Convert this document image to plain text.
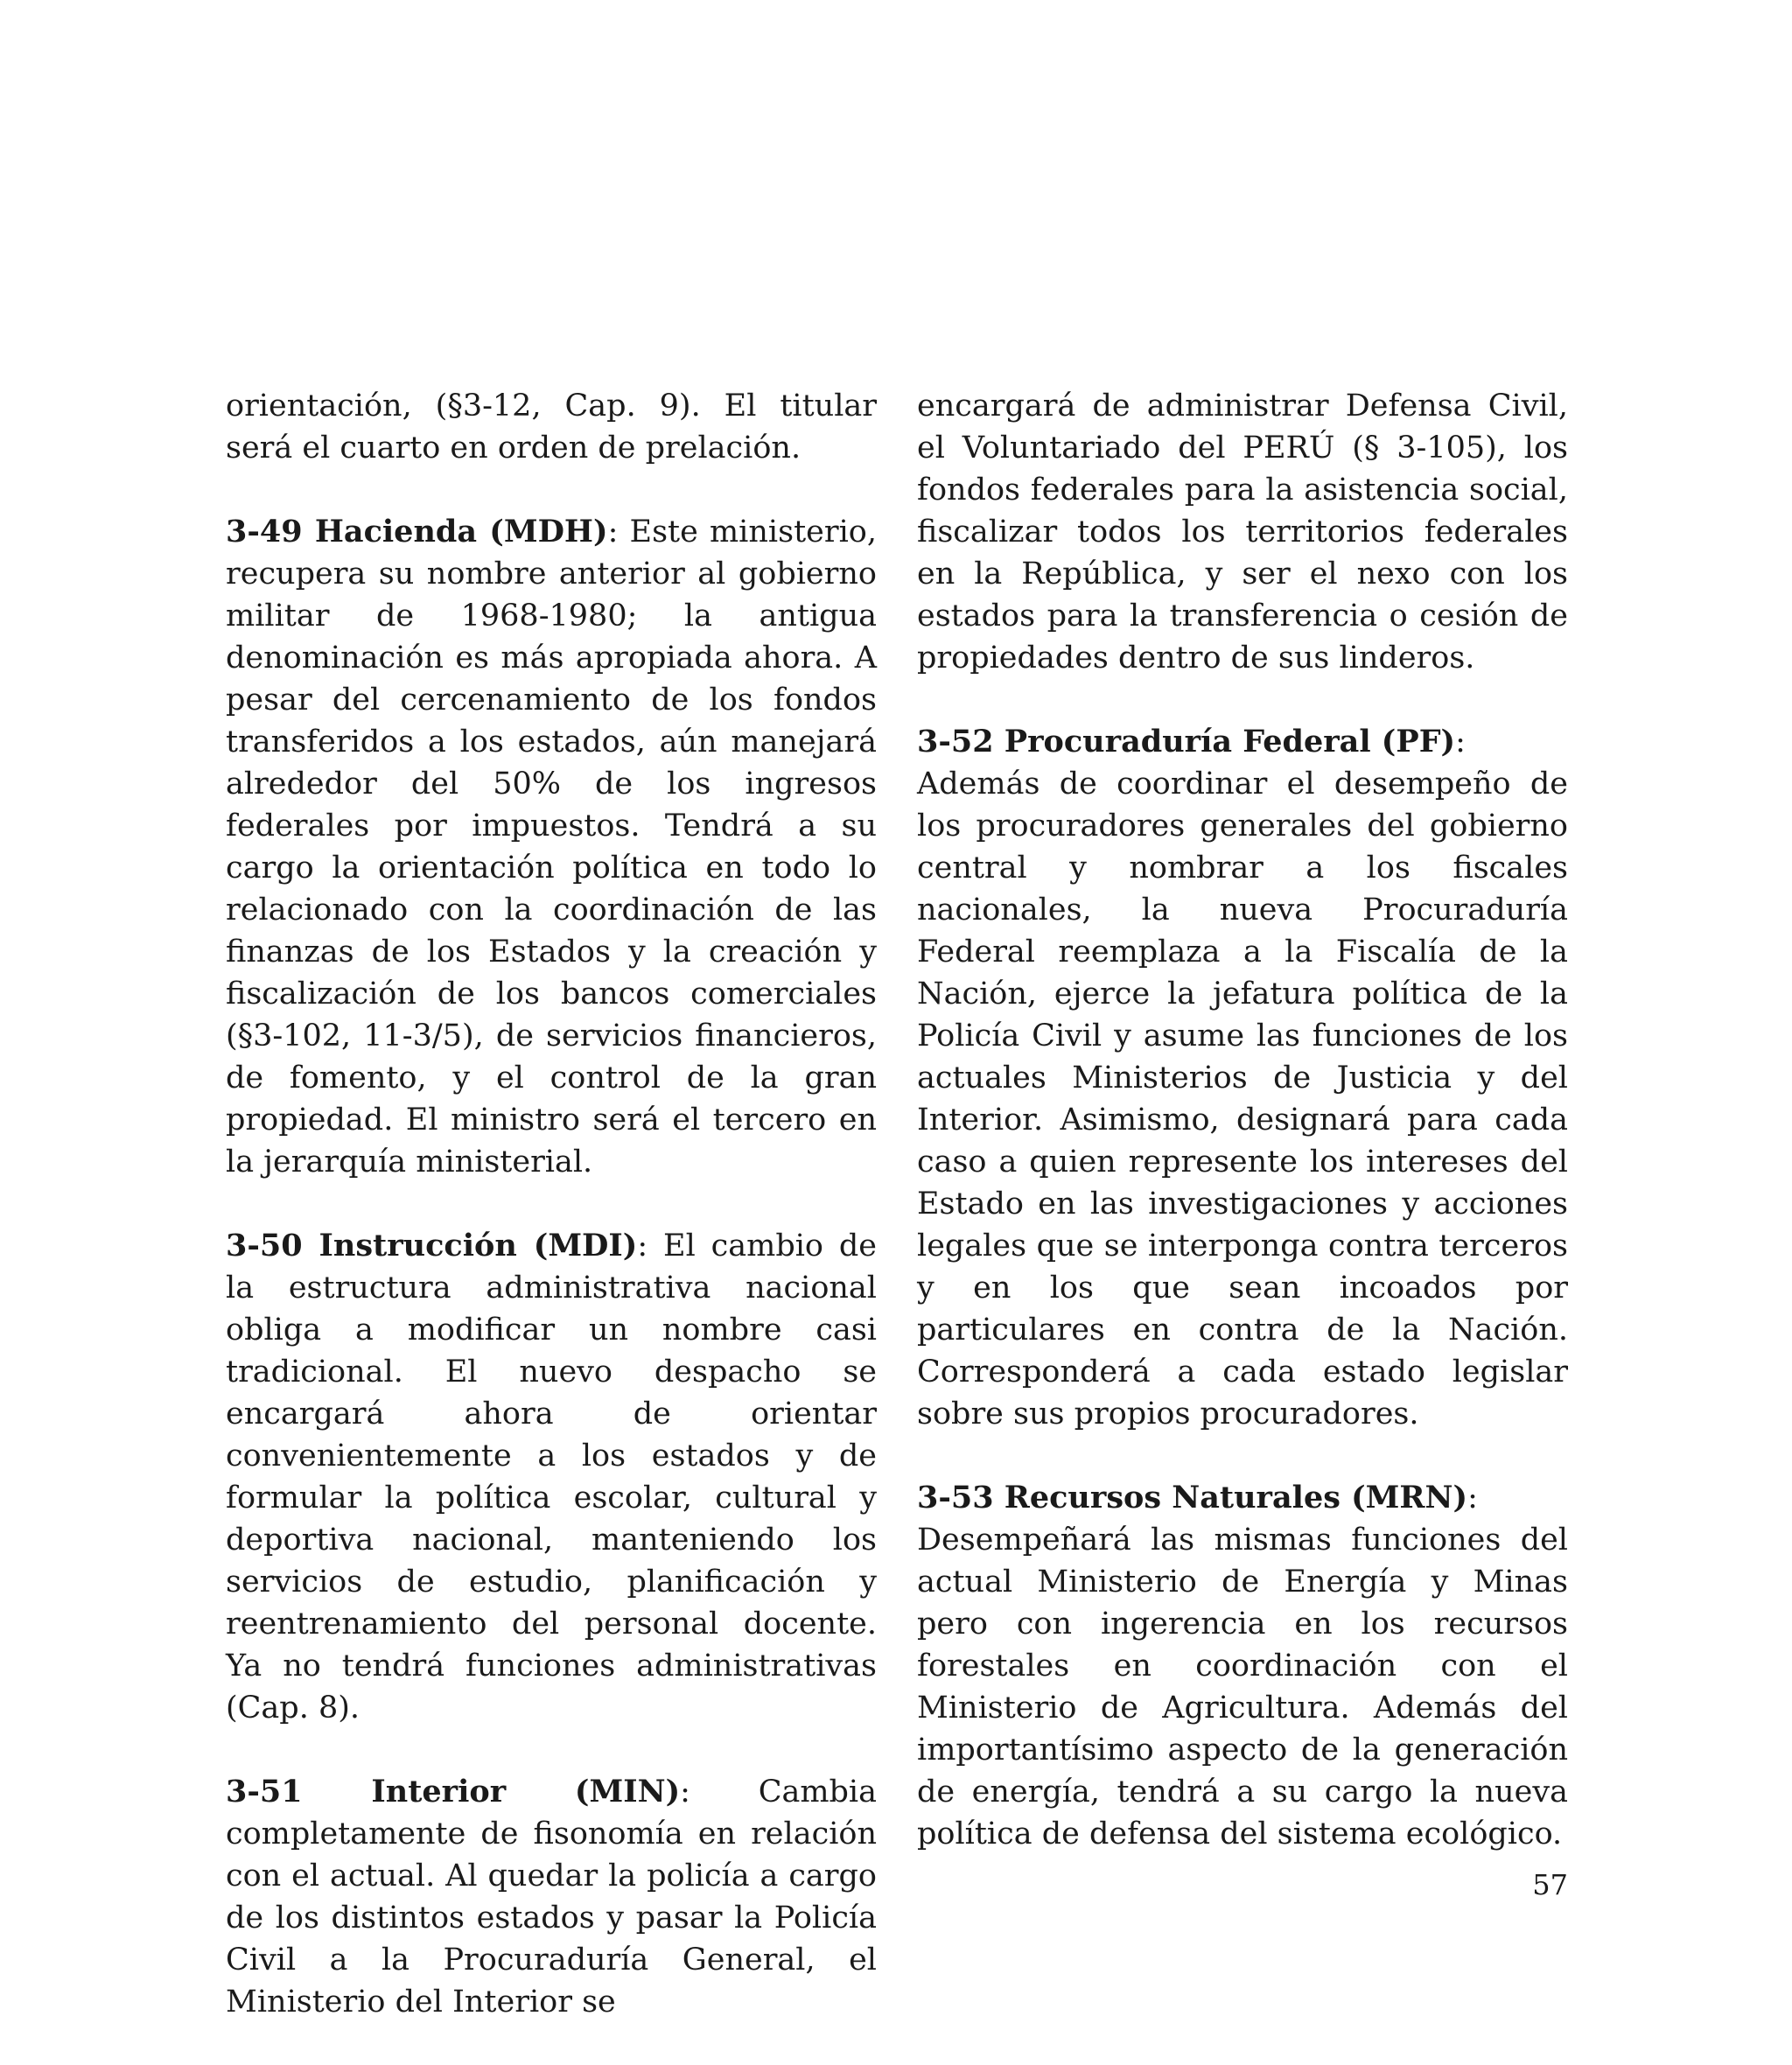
orientación, (§3-12, Cap. 9). El titular será el cuarto en orden de prelación.

3-49 Hacienda (MDH): Este ministerio, recupera su nombre anterior al gobierno militar de 1968-1980; la antigua denominación es más apropiada ahora. A pesar del cercenamiento de los fondos transferidos a los estados, aún manejará alrededor del 50% de los ingresos federales por impuestos. Tendrá a su cargo la orientación política en todo lo relacionado con la coordinación de las finanzas de los Estados y la creación y fiscalización de los bancos comerciales (§3-102, 11-3/5), de servicios financieros, de fomento, y el control de la gran propiedad. El ministro será el tercero en la jerarquía ministerial.

3-50 Instrucción (MDI): El cambio de la estructura administrativa nacional obliga a modificar un nombre casi tradicional. El nuevo despacho se encargará ahora de orientar convenientemente a los estados y de formular la política escolar, cultural y deportiva nacional, manteniendo los servicios de estudio, planificación y reentrenamiento del personal docente. Ya no tendrá funciones administrativas (Cap. 8).

3-51 Interior (MIN): Cambia completamente de fisonomía en relación con el actual. Al quedar la policía a cargo de los distintos estados y pasar la Policía Civil a la Procuraduría General, el Ministerio del Interior se

encargará de administrar Defensa Civil, el Voluntariado del PERÚ (§ 3-105), los fondos federales para la asistencia social, fiscalizar todos los territorios federales en la República, y ser el nexo con los estados para la transferencia o cesión de propiedades dentro de sus linderos.

3-52 Procuraduría Federal (PF):
Además de coordinar el desempeño de los procuradores generales del gobierno central y nombrar a los fiscales nacionales, la nueva Procuraduría Federal reemplaza a la Fiscalía de la Nación, ejerce la jefatura política de la Policía Civil y asume las funciones de los actuales Ministerios de Justicia y del Interior. Asimismo, designará para cada caso a quien represente los intereses del Estado en las investigaciones y acciones legales que se interponga contra terceros y en los que sean incoados por particulares en contra de la Nación. Corresponderá a cada estado legislar sobre sus propios procuradores.

3-53 Recursos Naturales (MRN):
Desempeñará las mismas funciones del actual Ministerio de Energía y Minas pero con ingerencia en los recursos forestales en coordinación con el Ministerio de Agricultura. Además del importantísimo aspecto de la generación de energía, tendrá a su cargo la nueva política de defensa del sistema ecológico.

57
